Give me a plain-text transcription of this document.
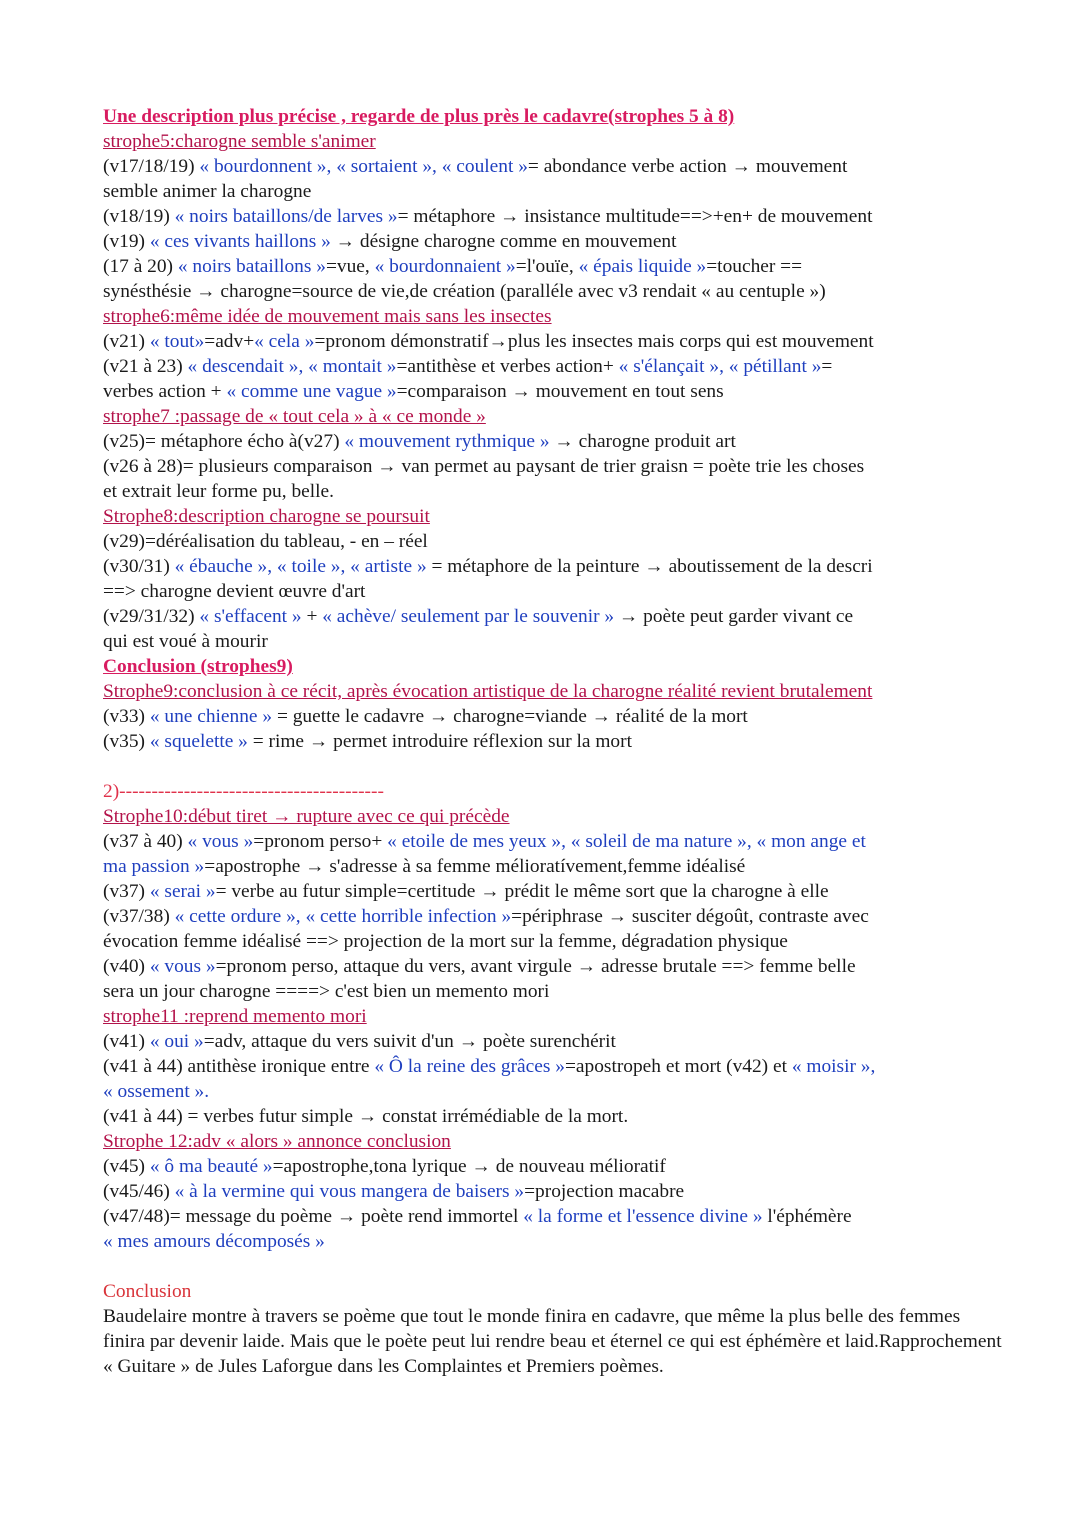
Une description plus précise , regarde de plus près le cadavre(strophes 5 à 8)

strophe5:charogne semble s'animer

(v17/18/19) « bourdonnent », « sortaient », « coulent »= abondance verbe action → mouvement

semble animer la charogne

(v18/19) « noirs bataillons/de larves »= métaphore → insistance multitude==>+en+ de mouvement

(v19) « ces vivants haillons » → désigne charogne comme en mouvement

(17 à 20) « noirs bataillons »=vue, « bourdonnaient »=l'ouïe, « épais liquide »=toucher ==

synésthésie → charogne=source de vie,de création (paralléle avec v3 rendait « au centuple »)

strophe6:même idée de mouvement mais sans les insectes

(v21) « tout»=adv+« cela »=pronom démonstratif→plus les insectes mais corps qui est mouvement

(v21 à 23) « descendait », « montait »=antithèse et verbes action+ « s'élançait », « pétillant »=

verbes action + « comme une vague »=comparaison → mouvement en tout sens

strophe7 :passage de « tout cela » à « ce monde »

(v25)= métaphore écho à(v27) « mouvement rythmique » → charogne produit art

(v26 à 28)= plusieurs comparaison → van permet au paysant de trier graisn = poète trie les choses

et extrait leur forme pu, belle.

Strophe8:description charogne se poursuit

(v29)=déréalisation du tableau, - en – réel

(v30/31) « ébauche », « toile », « artiste » = métaphore de la peinture → aboutissement de la descri

==> charogne devient œuvre d'art

(v29/31/32) « s'effacent » + « achève/ seulement par le souvenir » → poète peut garder vivant ce

qui est voué à mourir

Conclusion (strophes9)

Strophe9:conclusion à ce récit, après évocation artistique de la charogne réalité revient brutalement

(v33) « une chienne » = guette le cadavre → charogne=viande → réalité de la mort

(v35) « squelette » = rime → permet introduire réflexion sur la mort

2)-----------------------------------------

Strophe10:début tiret → rupture avec ce qui précède

(v37 à 40) « vous »=pronom perso+ « etoile de mes yeux », « soleil de ma nature », « mon ange et

ma passion »=apostrophe → s'adresse à sa femme mélioratívement,femme idéalisé

(v37) « serai »= verbe au futur simple=certitude → prédit le même sort que la charogne à elle

(v37/38) « cette ordure », « cette horrible infection »=périphrase → susciter dégoût, contraste avec

évocation femme idéalisé ==> projection de la mort sur la femme, dégradation physique

(v40) « vous »=pronom perso, attaque du vers, avant virgule → adresse brutale ==> femme belle

sera un jour charogne ====> c'est bien un memento mori

strophe11 :reprend memento mori

(v41) « oui »=adv, attaque du vers suivit d'un → poète surenchérit

(v41 à 44) antithèse ironique entre « Ô la reine des grâces »=apostropeh et mort (v42) et « moisir »,

« ossement ».

(v41 à 44) = verbes futur simple → constat irrémédiable de la mort.

Strophe 12:adv « alors » annonce conclusion

(v45) « ô ma beauté »=apostrophe,tona lyrique → de nouveau mélioratif

(v45/46) « à la vermine qui vous mangera de baisers »=projection macabre

(v47/48)= message du poème → poète rend immortel « la forme et l'essence divine » l'éphémère

« mes amours décomposés »

Conclusion

Baudelaire montre à travers se poème que tout le monde finira en cadavre, que même la plus belle des femmes finira par devenir laide. Mais que le poète peut lui rendre beau et éternel ce qui est éphémère et laid.Rapprochement « Guitare » de Jules Laforgue dans les Complaintes et Premiers poèmes.
